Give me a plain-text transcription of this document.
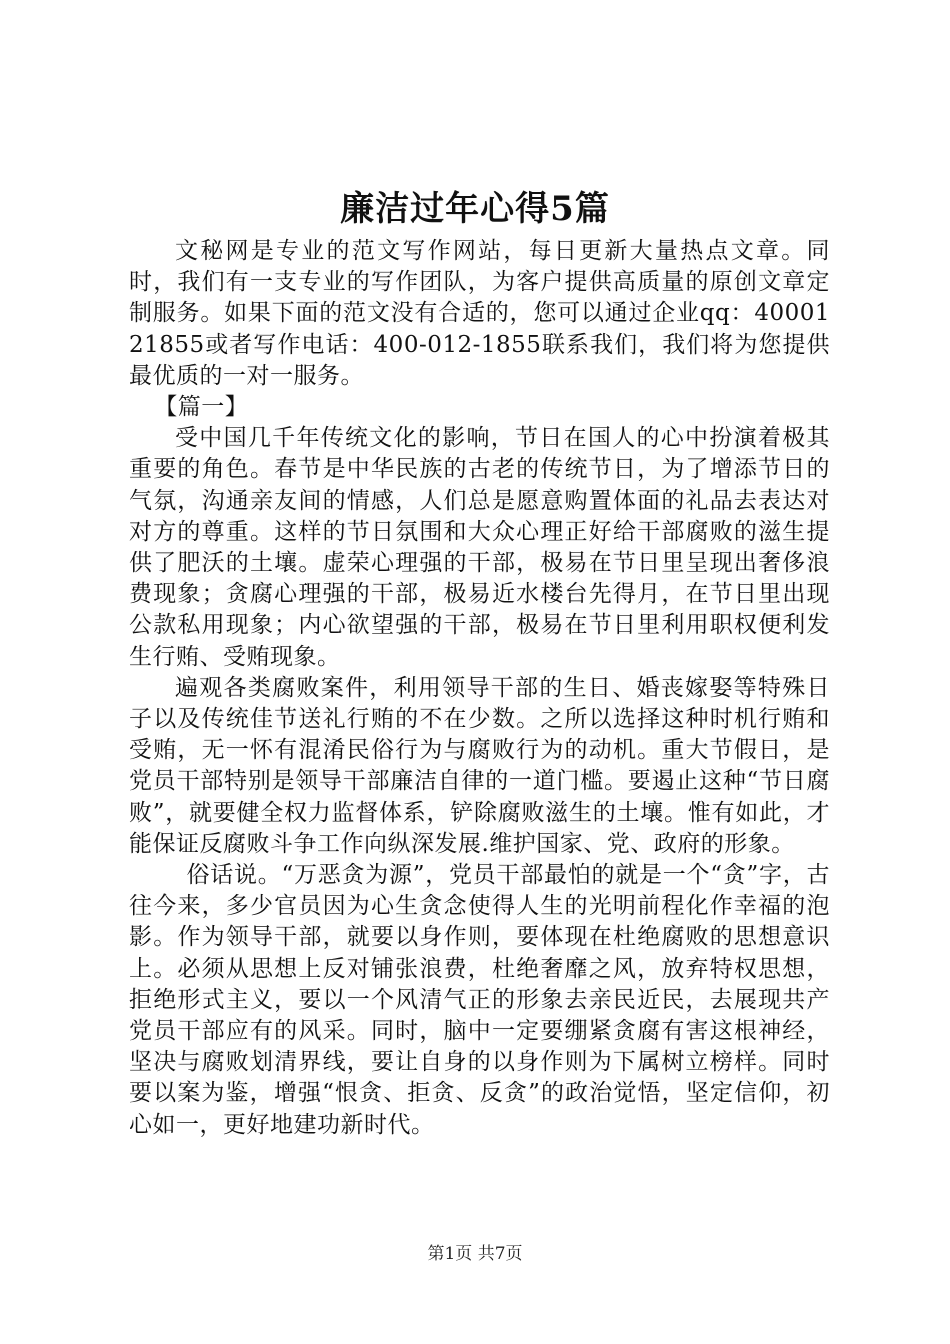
廉洁过年心得5篇

文秘网是专业的范文写作网站，每日更新大量热点文章。同时，我们有一支专业的写作团队，为客户提供高质量的原创文章定制服务。如果下面的范文没有合适的，您可以通过企业qq：4000121855或者写作电话：400-012-1855联系我们，我们将为您提供最优质的一对一服务。

【篇一】

受中国几千年传统文化的影响，节日在国人的心中扮演着极其重要的角色。春节是中华民族的古老的传统节日，为了增添节日的气氛，沟通亲友间的情感，人们总是愿意购置体面的礼品去表达对对方的尊重。这样的节日氛围和大众心理正好给干部腐败的滋生提供了肥沃的土壤。虚荣心理强的干部，极易在节日里呈现出奢侈浪费现象；贪腐心理强的干部，极易近水楼台先得月，在节日里出现公款私用现象；内心欲望强的干部，极易在节日里利用职权便利发生行贿、受贿现象。

遍观各类腐败案件，利用领导干部的生日、婚丧嫁娶等特殊日子以及传统佳节送礼行贿的不在少数。之所以选择这种时机行贿和受贿，无一怀有混淆民俗行为与腐败行为的动机。重大节假日，是党员干部特别是领导干部廉洁自律的一道门槛。要遏止这种“节日腐败”，就要健全权力监督体系，铲除腐败滋生的土壤。惟有如此，才能保证反腐败斗争工作向纵深发展.维护国家、党、政府的形象。

俗话说。“万恶贪为源”，党员干部最怕的就是一个“贪”字，古往今来，多少官员因为心生贪念使得人生的光明前程化作幸福的泡影。作为领导干部，就要以身作则，要体现在杜绝腐败的思想意识上。必须从思想上反对铺张浪费，杜绝奢靡之风，放弃特权思想，拒绝形式主义，要以一个风清气正的形象去亲民近民，去展现共产党员干部应有的风采。同时，脑中一定要绷紧贪腐有害这根神经，坚决与腐败划清界线，要让自身的以身作则为下属树立榜样。同时要以案为鉴，增强“恨贪、拒贪、反贪”的政治觉悟，坚定信仰，初心如一，更好地建功新时代。

第1页 共7页
